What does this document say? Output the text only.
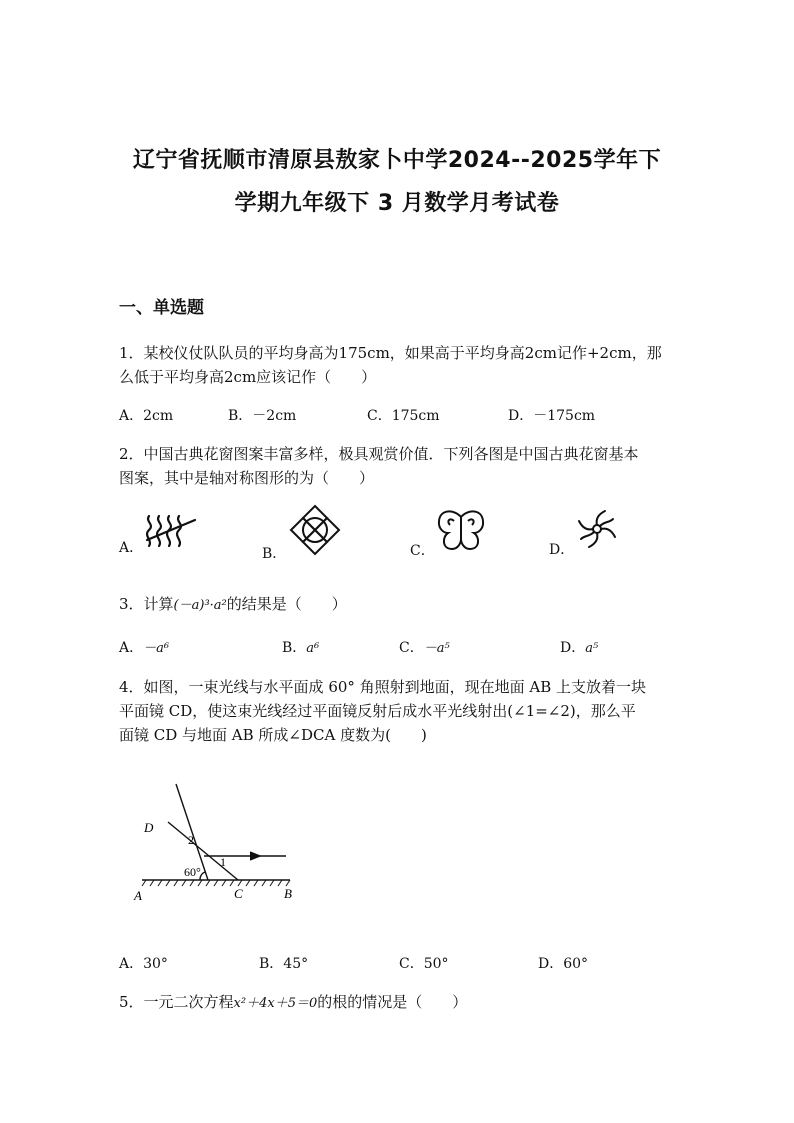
辽宁省抚顺市清原县敖家卜中学2024--2025学年下
学期九年级下 3 月数学月考试卷
一、单选题
1．某校仪仗队队员的平均身高为175cm，如果高于平均身高2cm记作+2cm，那
么低于平均身高2cm应该记作（　　）
A．2cm	B．－2cm	C．175cm	D．－175cm
2．中国古典花窗图案丰富多样，极具观赏价值．下列各图是中国古典花窗基本
图案，其中是轴对称图形的为（　　）
A．	B．	C．	D．
3．计算(－a)³·a²的结果是（　　）
A．－a⁶	B．a⁶	C．－a⁵	D．a⁵
4．如图，一束光线与水平面成 60° 角照射到地面，现在地面 AB 上支放着一块
平面镜 CD，使这束光线经过平面镜反射后成水平光线射出(∠1=∠2)，那么平
面镜 CD 与地面 AB 所成∠DCA 度数为(　　)
D
2
1
60°
A	C	B
A．30°	B．45°	C．50°	D．60°
5．一元二次方程x²＋4x＋5＝0的根的情况是（　　）
